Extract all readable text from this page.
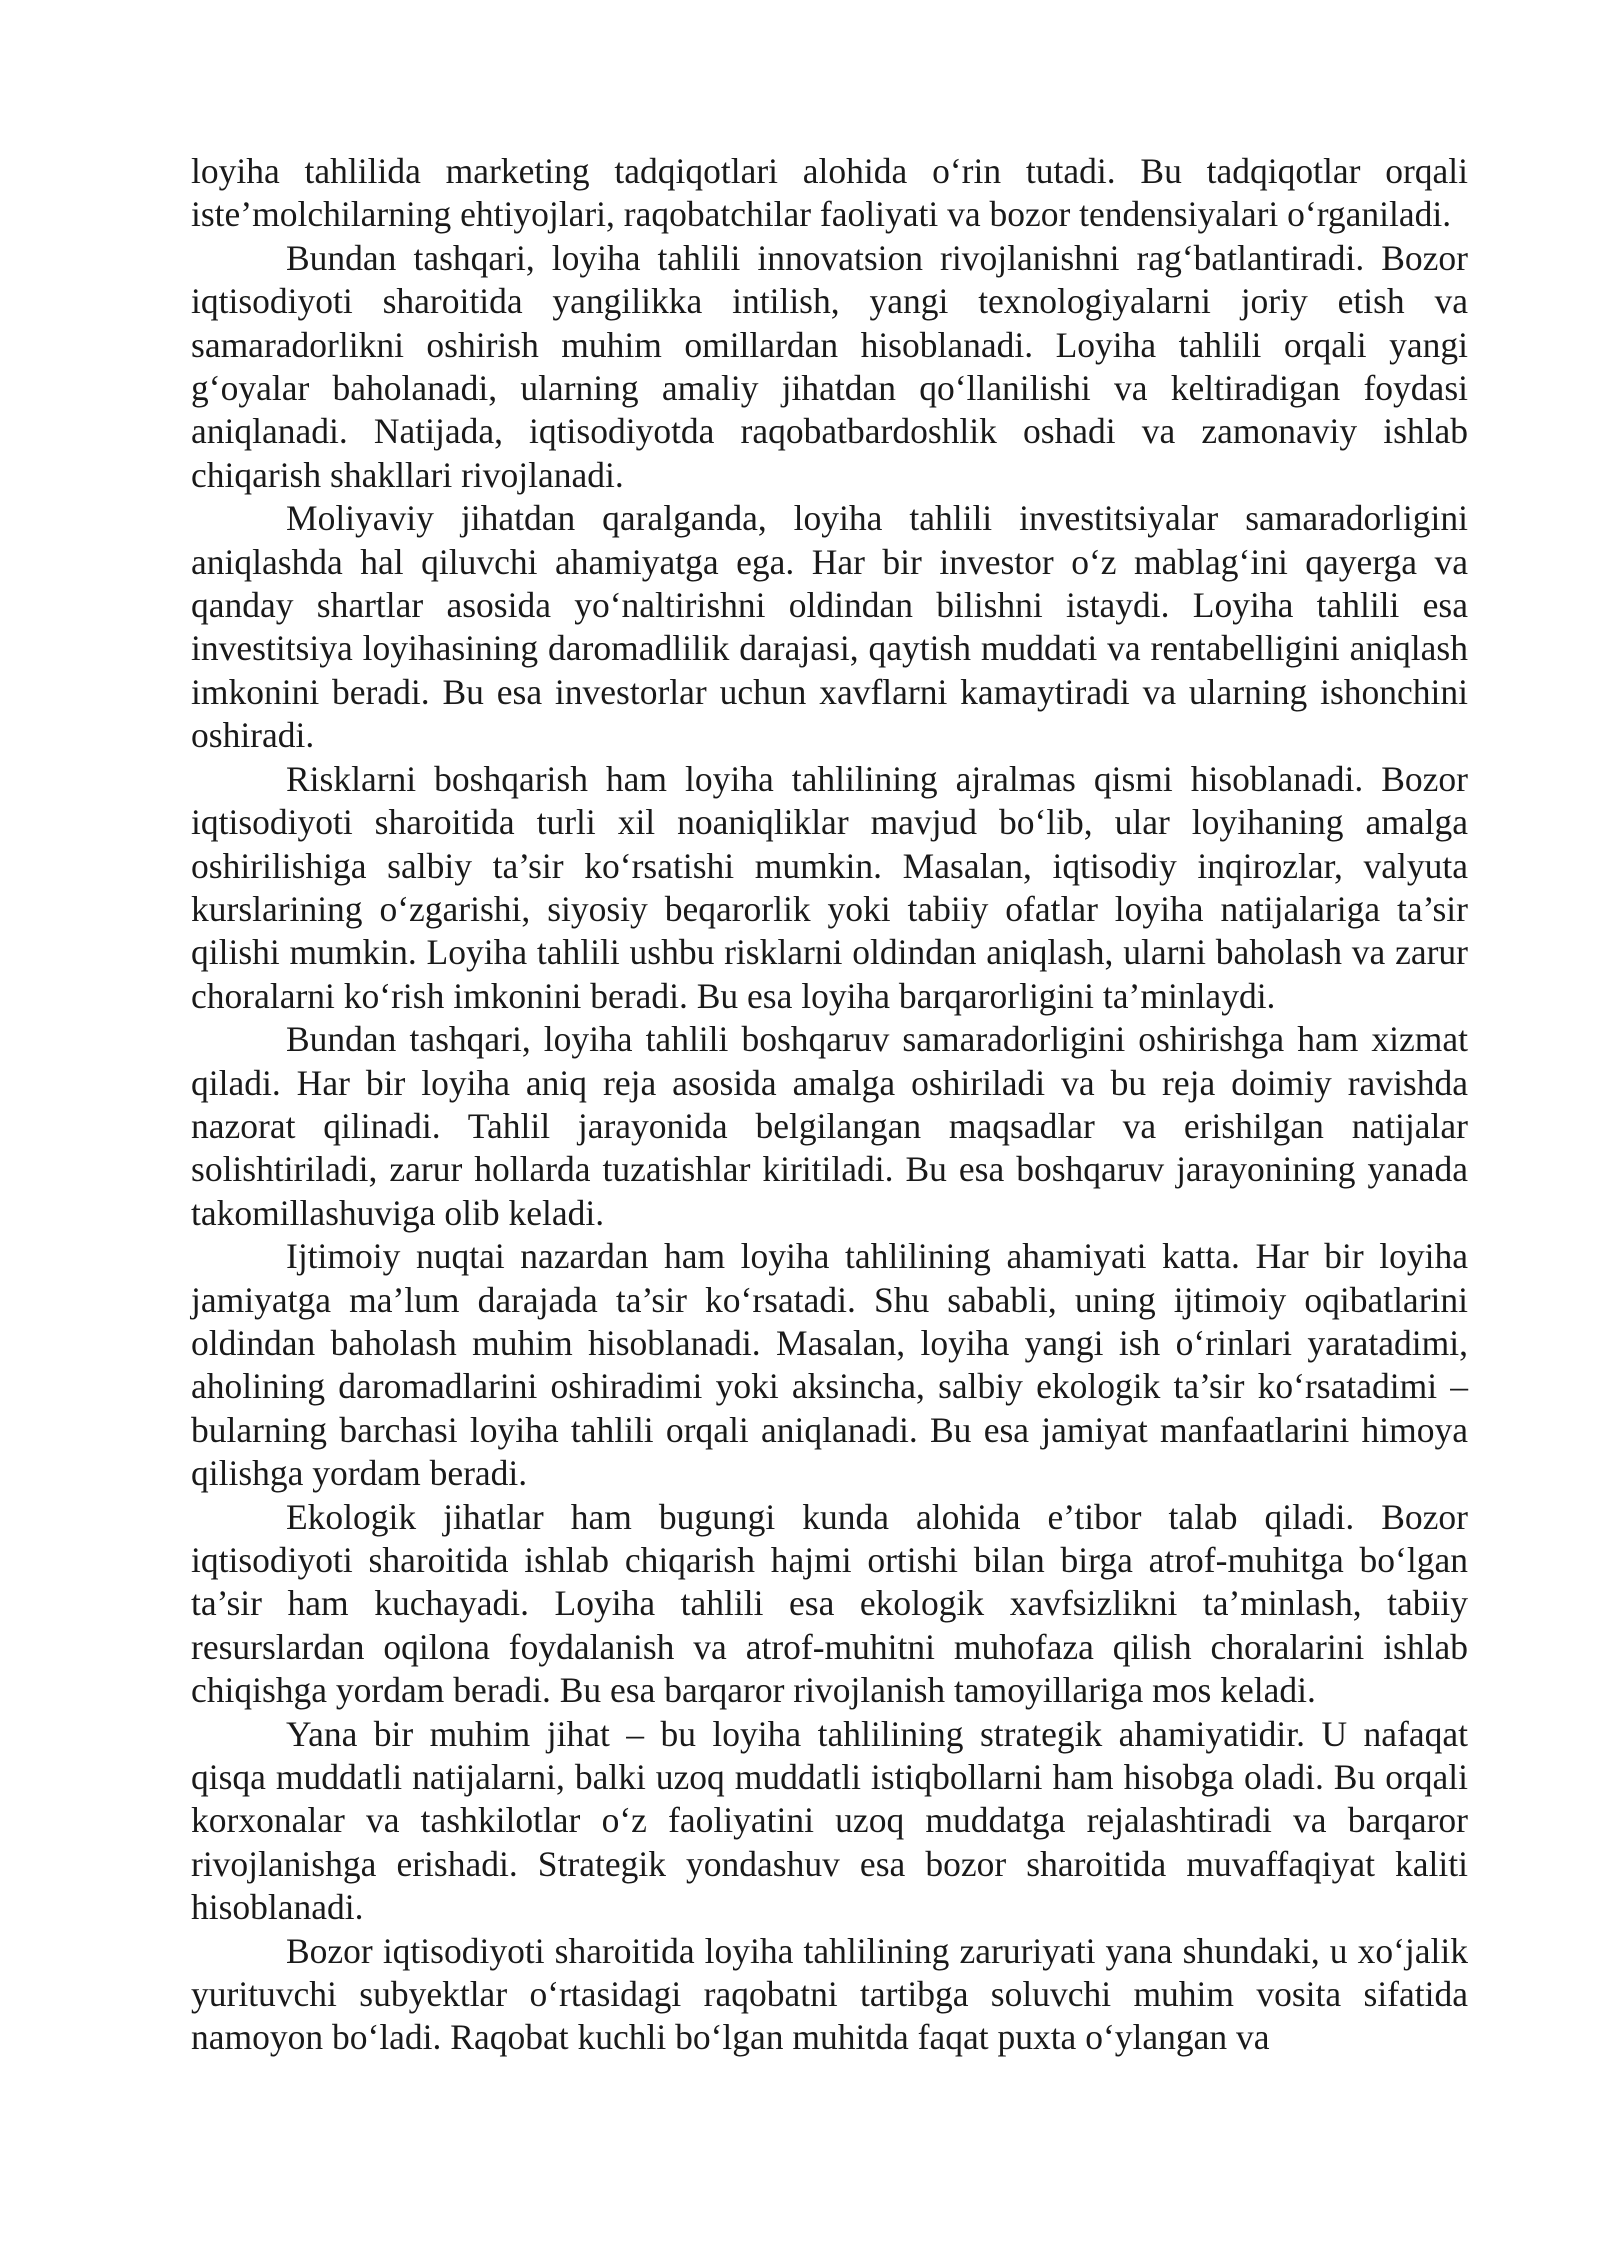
loyiha tahlilida marketing tadqiqotlari alohida o‘rin tutadi. Bu tadqiqotlar orqali iste’molchilarning ehtiyojlari, raqobatchilar faoliyati va bozor tendensiyalari o‘rganiladi.

Bundan tashqari, loyiha tahlili innovatsion rivojlanishni rag‘batlantiradi. Bozor iqtisodiyoti sharoitida yangilikka intilish, yangi texnologiyalarni joriy etish va samaradorlikni oshirish muhim omillardan hisoblanadi. Loyiha tahlili orqali yangi g‘oyalar baholanadi, ularning amaliy jihatdan qo‘llanilishi va keltiradigan foydasi aniqlanadi. Natijada, iqtisodiyotda raqobatbardoshlik oshadi va zamonaviy ishlab chiqarish shakllari rivojlanadi.

Moliyaviy jihatdan qaralganda, loyiha tahlili investitsiyalar samaradorligini aniqlashda hal qiluvchi ahamiyatga ega. Har bir investor o‘z mablag‘ini qayerga va qanday shartlar asosida yo‘naltirishni oldindan bilishni istaydi. Loyiha tahlili esa investitsiya loyihasining daromadlilik darajasi, qaytish muddati va rentabelligini aniqlash imkonini beradi. Bu esa investorlar uchun xavflarni kamaytiradi va ularning ishonchini oshiradi.

Risklarni boshqarish ham loyiha tahlilining ajralmas qismi hisoblanadi. Bozor iqtisodiyoti sharoitida turli xil noaniqliklar mavjud bo‘lib, ular loyihaning amalga oshirilishiga salbiy ta’sir ko‘rsatishi mumkin. Masalan, iqtisodiy inqirozlar, valyuta kurslarining o‘zgarishi, siyosiy beqarorlik yoki tabiiy ofatlar loyiha natijalariga ta’sir qilishi mumkin. Loyiha tahlili ushbu risklarni oldindan aniqlash, ularni baholash va zarur choralarni ko‘rish imkonini beradi. Bu esa loyiha barqarorligini ta’minlaydi.

Bundan tashqari, loyiha tahlili boshqaruv samaradorligini oshirishga ham xizmat qiladi. Har bir loyiha aniq reja asosida amalga oshiriladi va bu reja doimiy ravishda nazorat qilinadi. Tahlil jarayonida belgilangan maqsadlar va erishilgan natijalar solishtiriladi, zarur hollarda tuzatishlar kiritiladi. Bu esa boshqaruv jarayonining yanada takomillashuviga olib keladi.

Ijtimoiy nuqtai nazardan ham loyiha tahlilining ahamiyati katta. Har bir loyiha jamiyatga ma’lum darajada ta’sir ko‘rsatadi. Shu sababli, uning ijtimoiy oqibatlarini oldindan baholash muhim hisoblanadi. Masalan, loyiha yangi ish o‘rinlari yaratadimi, aholining daromadlarini oshiradimi yoki aksincha, salbiy ekologik ta’sir ko‘rsatadimi – bularning barchasi loyiha tahlili orqali aniqlanadi. Bu esa jamiyat manfaatlarini himoya qilishga yordam beradi.

Ekologik jihatlar ham bugungi kunda alohida e’tibor talab qiladi. Bozor iqtisodiyoti sharoitida ishlab chiqarish hajmi ortishi bilan birga atrof-muhitga bo‘lgan ta’sir ham kuchayadi. Loyiha tahlili esa ekologik xavfsizlikni ta’minlash, tabiiy resurslardan oqilona foydalanish va atrof-muhitni muhofaza qilish choralarini ishlab chiqishga yordam beradi. Bu esa barqaror rivojlanish tamoyillariga mos keladi.

Yana bir muhim jihat – bu loyiha tahlilining strategik ahamiyatidir. U nafaqat qisqa muddatli natijalarni, balki uzoq muddatli istiqbollarni ham hisobga oladi. Bu orqali korxonalar va tashkilotlar o‘z faoliyatini uzoq muddatga rejalashtiradi va barqaror rivojlanishga erishadi. Strategik yondashuv esa bozor sharoitida muvaffaqiyat kaliti hisoblanadi.

Bozor iqtisodiyoti sharoitida loyiha tahlilining zaruriyati yana shundaki, u xo‘jalik yurituvchi subyektlar o‘rtasidagi raqobatni tartibga soluvchi muhim vosita sifatida namoyon bo‘ladi. Raqobat kuchli bo‘lgan muhitda faqat puxta o‘ylangan va
